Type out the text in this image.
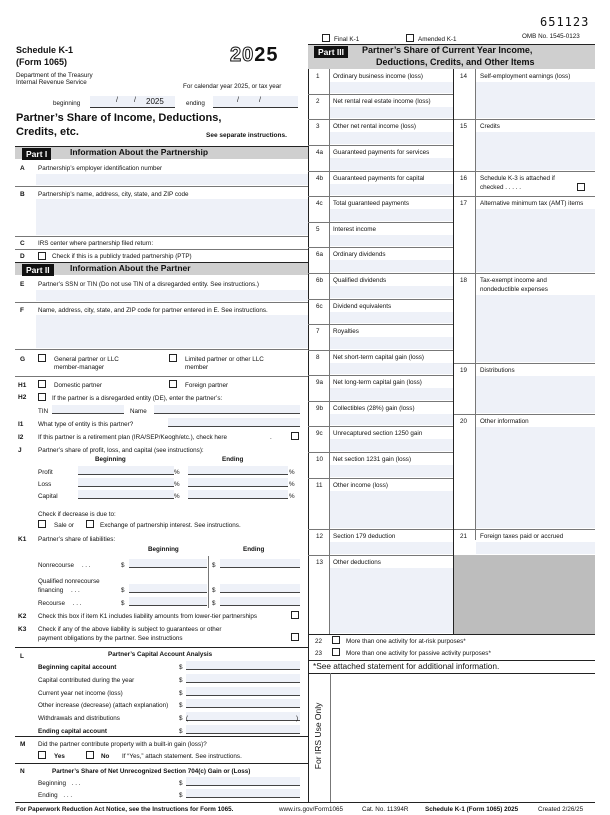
651123
OMB No. 1545-0123
Final K-1	Amended K-1
Schedule K-1
(Form 1065)
Department of the Treasury
Internal Revenue Service
2025
For calendar year 2025, or tax year
beginning	/ / 2025	ending	/	/
Partner’s Share of Income, Deductions,
Credits, etc.	See separate instructions.
Part I	Information About the Partnership
A Partnership’s employer identification number
B Partnership’s name, address, city, state, and ZIP code
C IRS center where partnership filed return:
D	Check if this is a publicly traded partnership (PTP)
Part II	Information About the Partner
E Partner’s SSN or TIN (Do not use TIN of a disregarded entity. See instructions.)
F Name, address, city, state, and ZIP code for partner entered in E. See instructions.
G	General partner or LLC
member-manager
Limited partner or other LLC
member
H1	Domestic partner	Foreign partner
H2	If the partner is a disregarded entity (DE), enter the partner’s:
TIN	Name
I1 What type of entity is this partner?
I2 If this partner is a retirement plan (IRA/SEP/Keogh/etc.), check here	.
J	Partner’s share of profit, loss, and capital (see instructions):
Beginning	Ending
Profit	%	%
Loss	%	%
Capital	%	%
Check if decrease is due to:
Sale or	Exchange of partnership interest. See instructions.
K1 Partner’s share of liabilities:
Beginning	Ending
Nonrecourse . . .	$	$
Qualified nonrecourse
financing . . .	$	$
Recourse . . .	$	$
K2 Check this box if item K1 includes liability amounts from lower-tier partnerships
K3 Check if any of the above liability is subject to guarantees or other
payment obligations by the partner. See instructions
L	Partner’s Capital Account Analysis
Beginning capital account	$
Capital contributed during the year	$
Current year net income (loss)	$
Other increase (decrease) (attach explanation) $
Withdrawals and distributions	$ (	)
Ending capital account	$
M Did the partner contribute property with a built-in gain (loss)?
Yes	No If “Yes,” attach statement. See instructions.
N	Partner’s Share of Net Unrecognized Section 704(c) Gain or (Loss)
Beginning . . .	$
Ending . . .	$
Part III	Partner’s Share of Current Year Income,
Deductions, Credits, and Other Items
1 Ordinary business income (loss)
2 Net rental real estate income (loss)
3 Other net rental income (loss)
4a Guaranteed payments for services
4b Guaranteed payments for capital
4c Total guaranteed payments
5 Interest income
6a Ordinary dividends
6b Qualified dividends
6c Dividend equivalents
7 Royalties
8 Net short-term capital gain (loss)
9a Net long-term capital gain (loss)
9b Collectibles (28%) gain (loss)
9c Unrecaptured section 1250 gain
10 Net section 1231 gain (loss)
11 Other income (loss)
12 Section 179 deduction
13 Other deductions
14 Self-employment earnings (loss)
15 Credits
16 Schedule K-3 is attached if
checked . . . . .
17 Alternative minimum tax (AMT) items
18 Tax-exempt income and
nondeductible expenses
19 Distributions
20 Other information
21 Foreign taxes paid or accrued
22	More than one activity for at-risk purposes*
23	More than one activity for passive activity purposes*
*See attached statement for additional information.
For IRS Use Only
For Paperwork Reduction Act Notice, see the Instructions for Form 1065.	www.irs.gov/Form1065	Cat. No. 11394R	Schedule K-1 (Form 1065) 2025	Created 2/26/25
